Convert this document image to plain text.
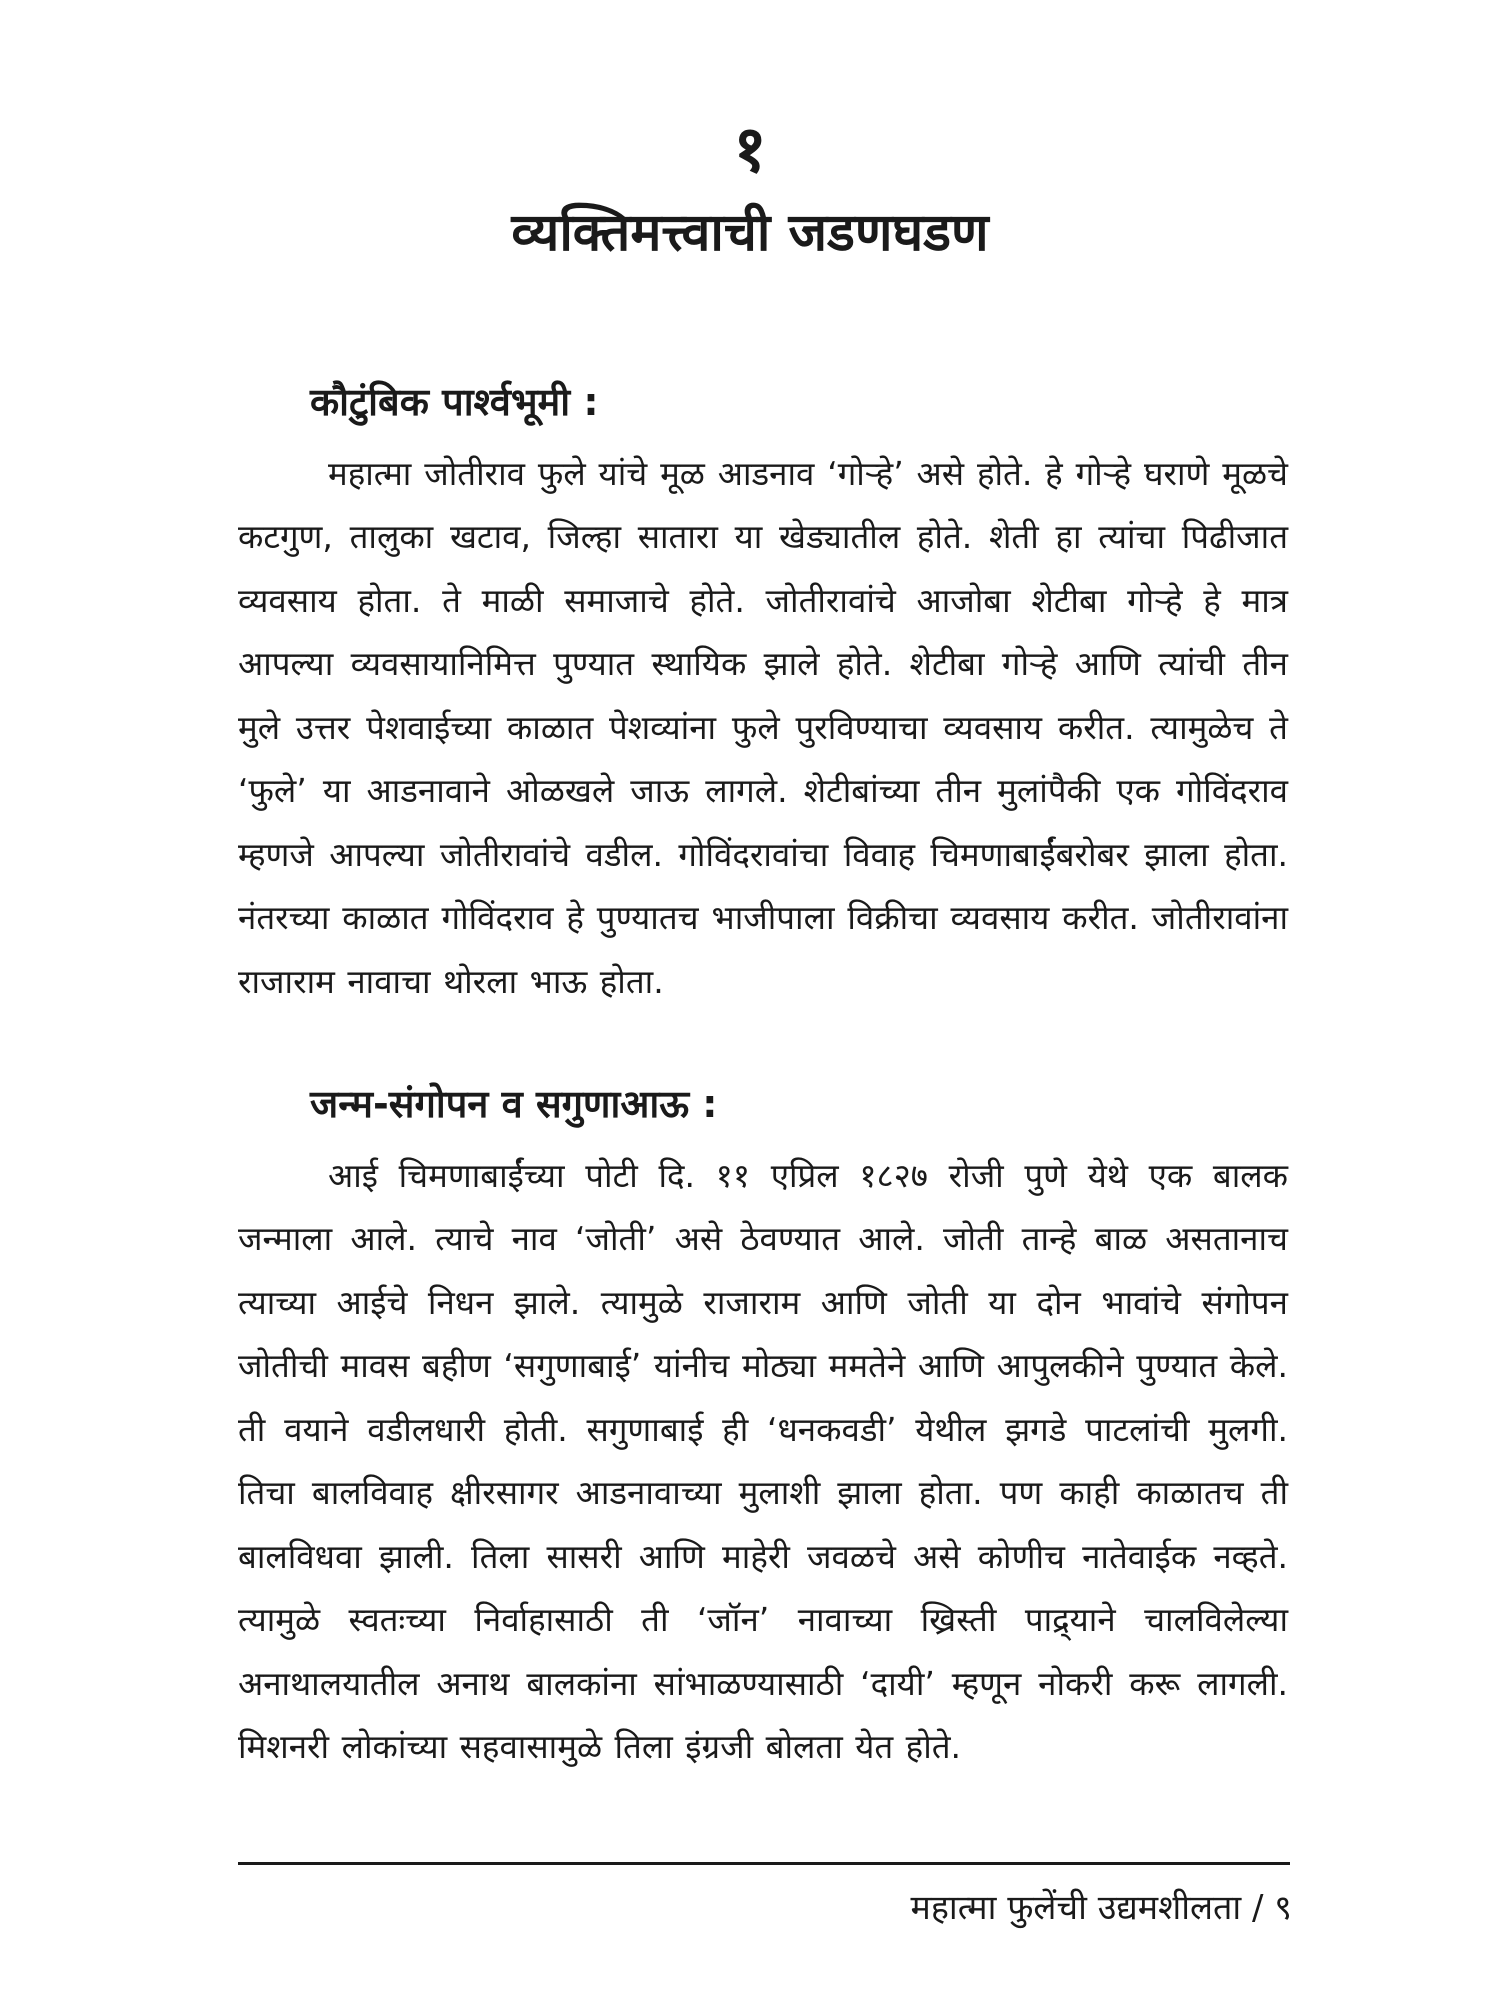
१
व्यक्तिमत्त्वाची जडणघडण
कौटुंबिक पार्श्वभूमी :

महात्मा जोतीराव फुले यांचे मूळ आडनाव ‘गोऱ्हे’ असे होते. हे गोऱ्हे घराणे मूळचे कटगुण, तालुका खटाव, जिल्हा सातारा या खेड्यातील होते. शेती हा त्यांचा पिढीजात व्यवसाय होता. ते माळी समाजाचे होते. जोतीरावांचे आजोबा शेटीबा गोऱ्हे हे मात्र आपल्या व्यवसायानिमित्त पुण्यात स्थायिक झाले होते. शेटीबा गोऱ्हे आणि त्यांची तीन मुले उत्तर पेशवाईच्या काळात पेशव्यांना फुले पुरविण्याचा व्यवसाय करीत. त्यामुळेच ते ‘फुले’ या आडनावाने ओळखले जाऊ लागले. शेटीबांच्या तीन मुलांपैकी एक गोविंदराव म्हणजे आपल्या जोतीरावांचे वडील. गोविंदरावांचा विवाह चिमणाबाईंबरोबर झाला होता. नंतरच्या काळात गोविंदराव हे पुण्यातच भाजीपाला विक्रीचा व्यवसाय करीत. जोतीरावांना राजाराम नावाचा थोरला भाऊ होता.

जन्म-संगोपन व सगुणाआऊ :

आई चिमणाबाईंच्या पोटी दि. ११ एप्रिल १८२७ रोजी पुणे येथे एक बालक जन्माला आले. त्याचे नाव ‘जोती’ असे ठेवण्यात आले. जोती तान्हे बाळ असतानाच त्याच्या आईचे निधन झाले. त्यामुळे राजाराम आणि जोती या दोन भावांचे संगोपन जोतीची मावस बहीण ‘सगुणाबाई’ यांनीच मोठ्या ममतेने आणि आपुलकीने पुण्यात केले. ती वयाने वडीलधारी होती. सगुणाबाई ही ‘धनकवडी’ येथील झगडे पाटलांची मुलगी. तिचा बालविवाह क्षीरसागर आडनावाच्या मुलाशी झाला होता. पण काही काळातच ती बालविधवा झाली. तिला सासरी आणि माहेरी जवळचे असे कोणीच नातेवाईक नव्हते. त्यामुळे स्वतःच्या निर्वाहासाठी ती ‘जॉन’ नावाच्या ख्रिस्ती पाद्र्याने चालविलेल्या अनाथालयातील अनाथ बालकांना सांभाळण्यासाठी ‘दायी’ म्हणून नोकरी करू लागली. मिशनरी लोकांच्या सहवासामुळे तिला इंग्रजी बोलता येत होते.

महात्मा फुलेंची उद्यमशीलता / ९
